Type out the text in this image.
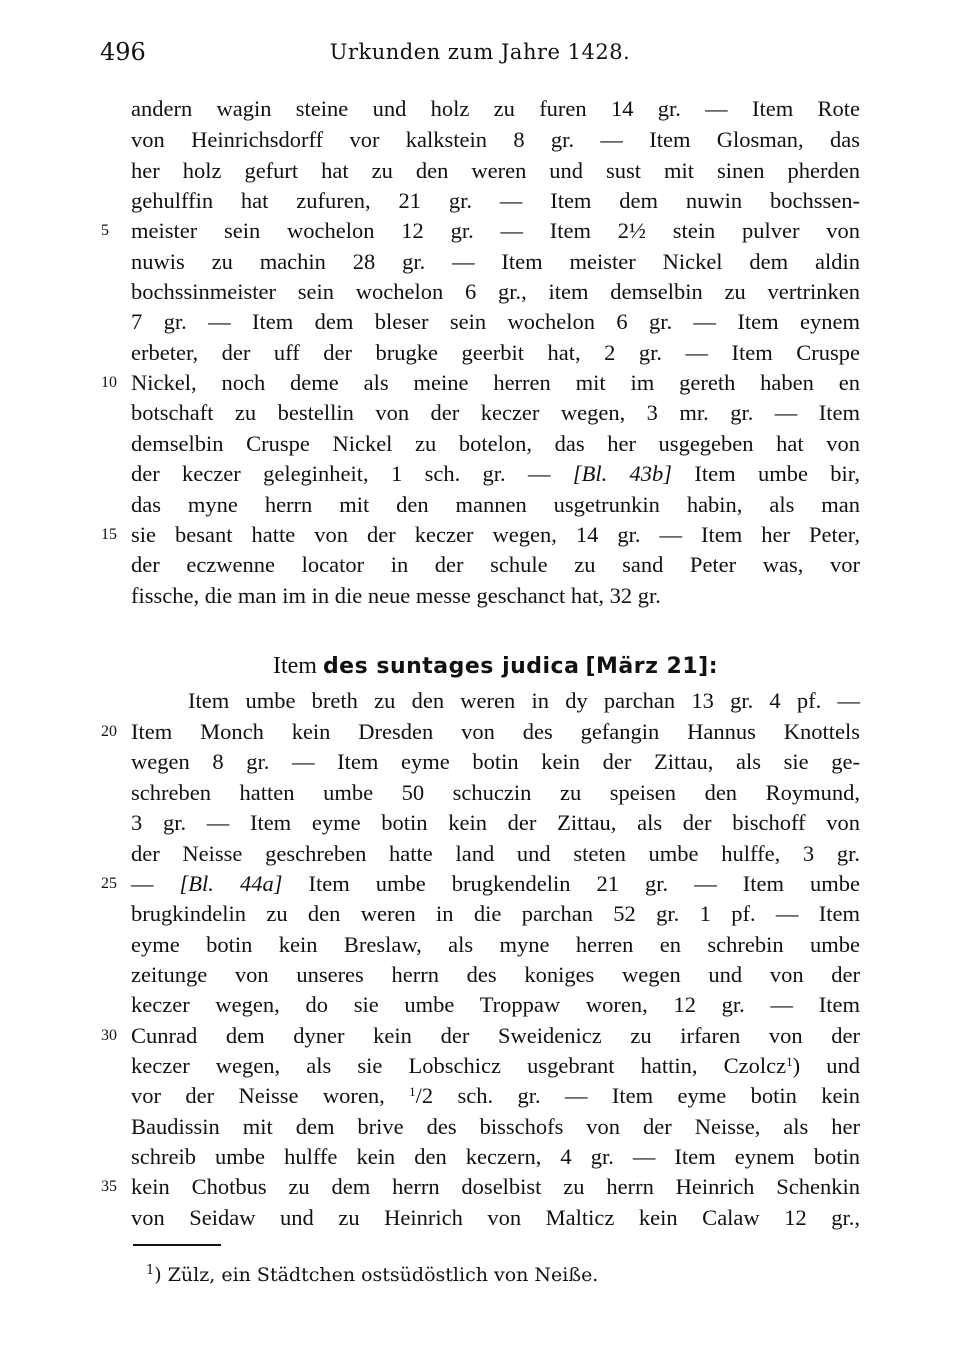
496	Urkunden zum Jahre 1428.
andern wagin steine und holz zu furen 14 gr. — Item Rote
von Heinrichsdorff vor kalkstein 8 gr. — Item Glosman, das
her holz gefurt hat zu den weren und sust mit sinen pherden
gehulffin hat zufuren, 21 gr. — Item dem nuwin bochssen-
meister sein wochelon 12 gr. — Item 2½ stein pulver von
nuwis zu machin 28 gr. — Item meister Nickel dem aldin
bochssinmeister sein wochelon 6 gr., item demselbin zu vertrinken
7 gr. — Item dem bleser sein wochelon 6 gr. — Item eynem
erbeter, der uff der brugke geerbit hat, 2 gr. — Item Cruspe
Nickel, noch deme als meine herren mit im gereth haben en
botschaft zu bestellin von der keczer wegen, 3 mr. gr. — Item
demselbin Cruspe Nickel zu botelon, das her usgegeben hat von
der keczer geleginheit, 1 sch. gr. — [Bl. 43b] Item umbe bir,
das myne herrn mit den mannen usgetrunkin habin, als man
sie besant hatte von der keczer wegen, 14 gr. — Item her Peter,
der eczwenne locator in der schule zu sand Peter was, vor
fissche, die man im in die neue messe geschanct hat, 32 gr.
Item des suntages judica [März 21]:
Item umbe breth zu den weren in dy parchan 13 gr. 4 pf. —
Item Monch kein Dresden von des gefangin Hannus Knottels
wegen 8 gr. — Item eyme botin kein der Zittau, als sie ge-
schreben hatten umbe 50 schuczin zu speisen den Roymund,
3 gr. — Item eyme botin kein der Zittau, als der bischoff von
der Neisse geschreben hatte land und steten umbe hulffe, 3 gr.
— [Bl. 44a] Item umbe brugkendelin 21 gr. — Item umbe
brugkindelin zu den weren in die parchan 52 gr. 1 pf. — Item
eyme botin kein Breslaw, als myne herren en schrebin umbe
zeitunge von unseres herrn des koniges wegen und von der
keczer wegen, do sie umbe Troppaw woren, 12 gr. — Item
Cunrad dem dyner kein der Sweidenicz zu irfaren von der
keczer wegen, als sie Lobschicz usgebrant hattin, Czolcz$^1$) und
vor der Neisse woren, $^1$/2 sch. gr. — Item eyme botin kein
Baudissin mit dem brive des bisschofs von der Neisse, als her
schreib umbe hulffe kein den keczern, 4 gr. — Item eynem botin
kein Chotbus zu dem herrn doselbist zu herrn Heinrich Schenkin
von Seidaw und zu Heinrich von Malticz kein Calaw 12 gr.,
5
10
15
20
25
30
35
$^1$) Zülz, ein Städtchen ostsüdöstlich von Neiße.
